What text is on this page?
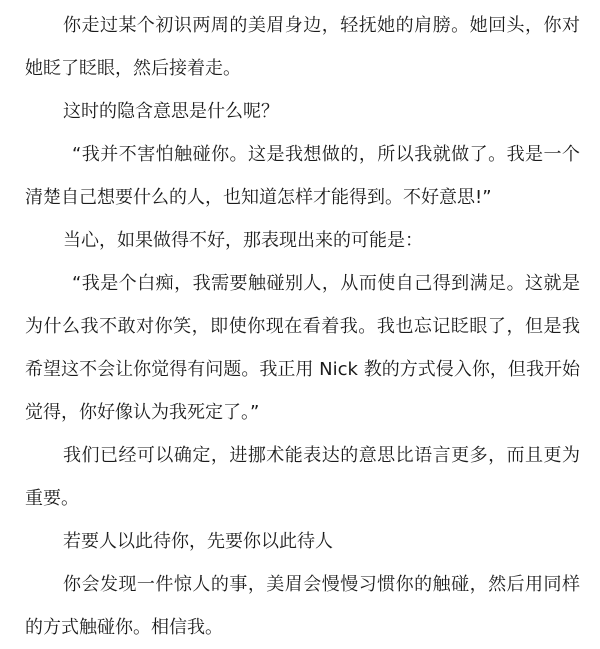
你走过某个初识两周的美眉身边，轻抚她的肩膀。她回头，你对她眨了眨眼，然后接着走。

这时的隐含意思是什么呢？

“我并不害怕触碰你。这是我想做的，所以我就做了。我是一个清楚自己想要什么的人，也知道怎样才能得到。不好意思!”

当心，如果做得不好，那表现出来的可能是：

“我是个白痴，我需要触碰别人，从而使自己得到满足。这就是为什么我不敢对你笑，即使你现在看着我。我也忘记眨眼了，但是我希望这不会让你觉得有问题。我正用 Nick 教的方式侵入你，但我开始觉得，你好像认为我死定了。”

我们已经可以确定，进挪术能表达的意思比语言更多，而且更为重要。

若要人以此待你，先要你以此待人

你会发现一件惊人的事，美眉会慢慢习惯你的触碰，然后用同样的方式触碰你。相信我。
